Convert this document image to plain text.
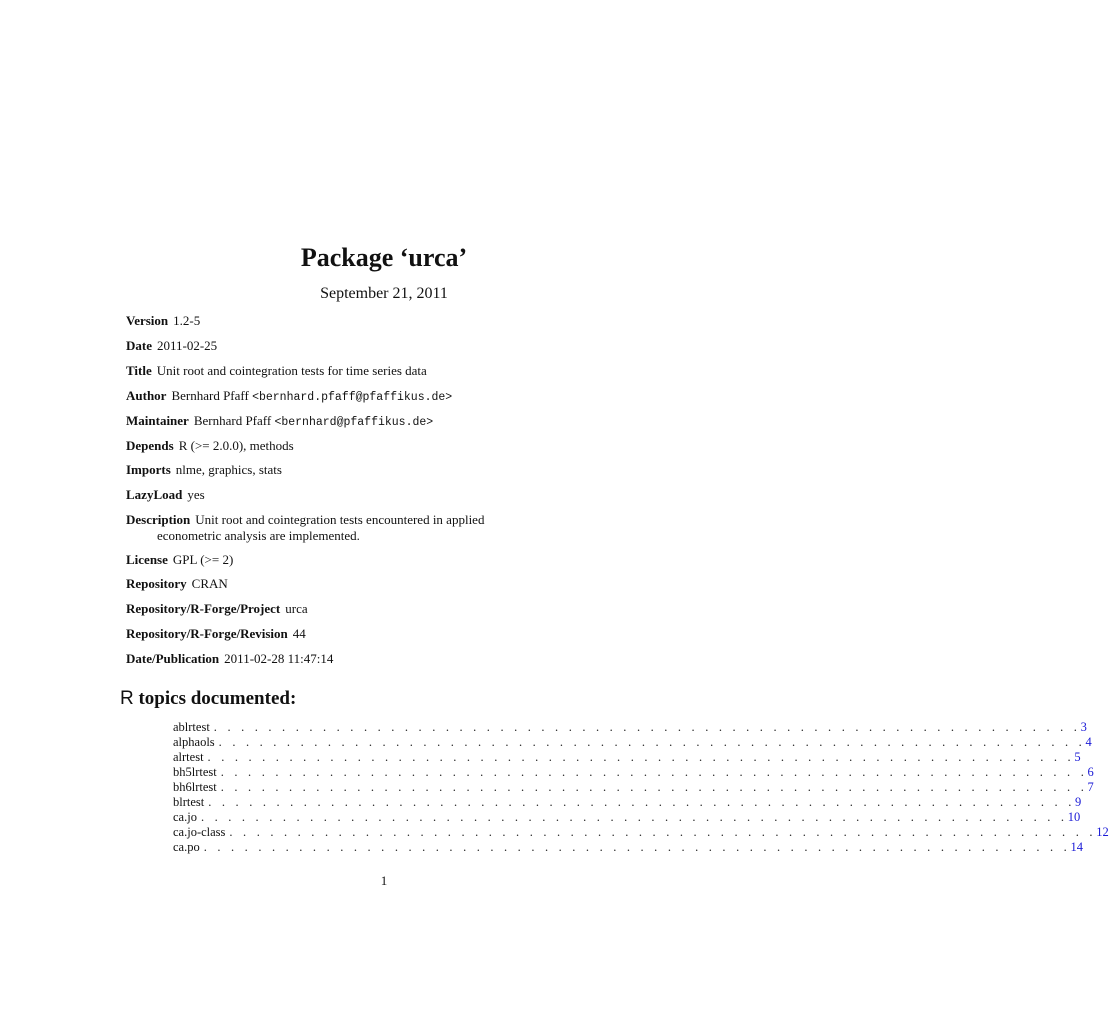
Package ‘urca’
September 21, 2011
Version 1.2-5
Date 2011-02-25
Title Unit root and cointegration tests for time series data
Author Bernhard Pfaff <bernhard.pfaff@pfaffikus.de>
Maintainer Bernhard Pfaff <bernhard@pfaffikus.de>
Depends R (>= 2.0.0), methods
Imports nlme, graphics, stats
LazyLoad yes
Description Unit root and cointegration tests encountered in applied
econometric analysis are implemented.
License GPL (>= 2)
Repository CRAN
Repository/R-Forge/Revision 44
Repository/R-Forge/Project urca
Date/Publication 2011-02-28 11:47:14
R topics documented:
ablrtest . . . . . . . . . . . . . . . . . . . . . . . . . . . . . . . . . . . . . . . . . . . . . . . . . . . . . . . . . . . . . . . . 3
alphaols . . . . . . . . . . . . . . . . . . . . . . . . . . . . . . . . . . . . . . . . . . . . . . . . . . . . . . . . . . . . . . . . 4
alrtest . . . . . . . . . . . . . . . . . . . . . . . . . . . . . . . . . . . . . . . . . . . . . . . . . . . . . . . . . . . . . . . . 5
bh5lrtest . . . . . . . . . . . . . . . . . . . . . . . . . . . . . . . . . . . . . . . . . . . . . . . . . . . . . . . . . . . . . . . . 6
bh6lrtest . . . . . . . . . . . . . . . . . . . . . . . . . . . . . . . . . . . . . . . . . . . . . . . . . . . . . . . . . . . . . . . . 7
blrtest . . . . . . . . . . . . . . . . . . . . . . . . . . . . . . . . . . . . . . . . . . . . . . . . . . . . . . . . . . . . . . . . 9
ca.jo . . . . . . . . . . . . . . . . . . . . . . . . . . . . . . . . . . . . . . . . . . . . . . . . . . . . . . . . . . . . . . . . 10
ca.jo-class . . . . . . . . . . . . . . . . . . . . . . . . . . . . . . . . . . . . . . . . . . . . . . . . . . . . . . . . . . . . . . . . 12
ca.po . . . . . . . . . . . . . . . . . . . . . . . . . . . . . . . . . . . . . . . . . . . . . . . . . . . . . . . . . . . . . . . . 14
1
